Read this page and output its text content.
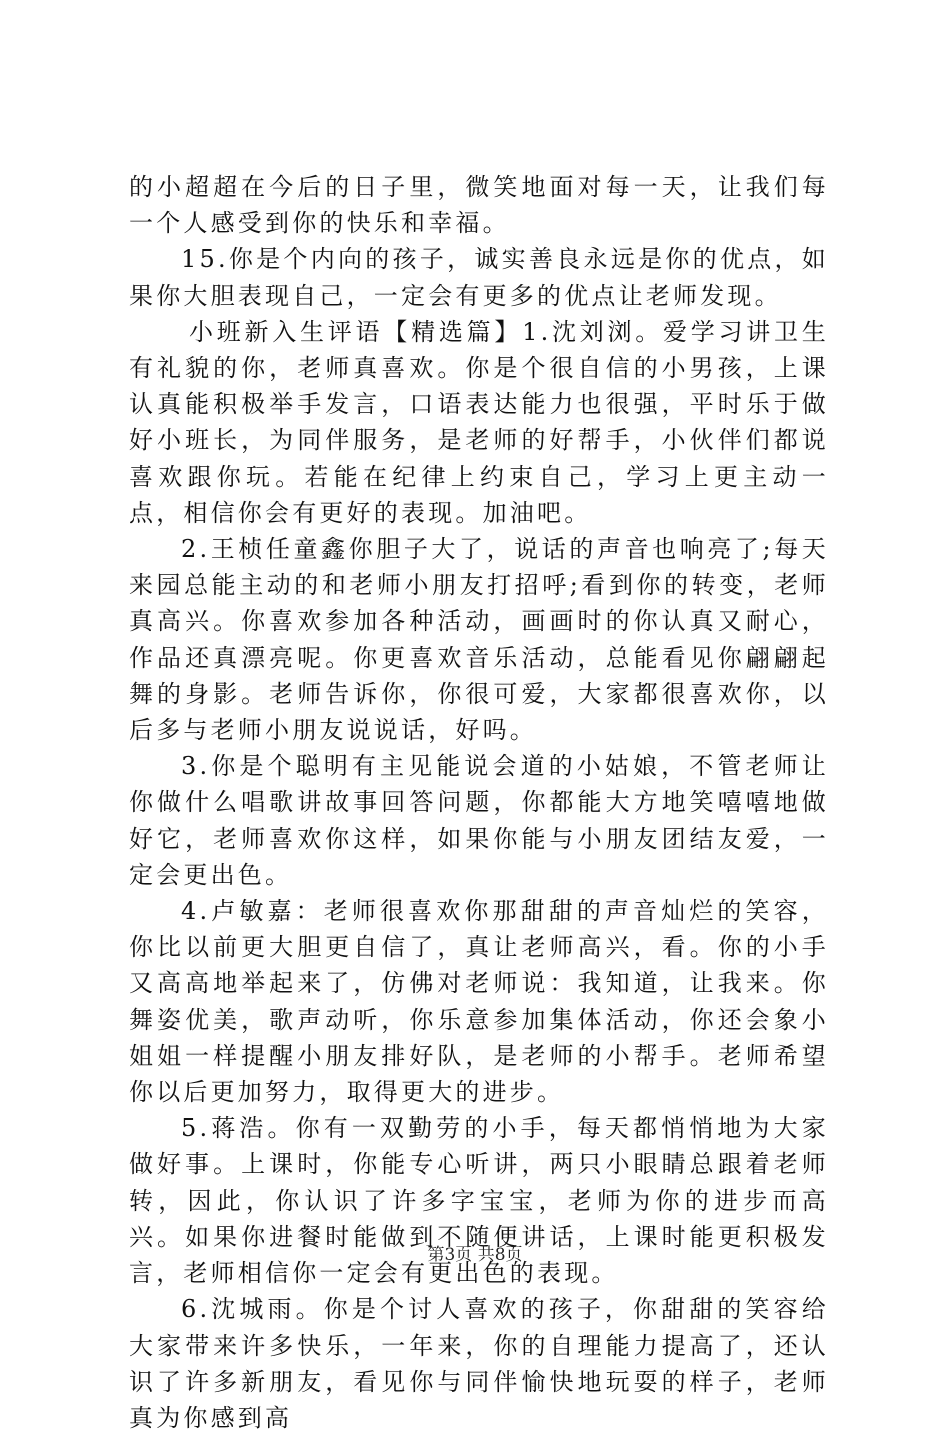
的小超超在今后的日子里，微笑地面对每一天，让我们每一个人感受到你的快乐和幸福。

15.你是个内向的孩子，诚实善良永远是你的优点，如果你大胆表现自己，一定会有更多的优点让老师发现。

小班新入生评语【精选篇】1.沈刘浏。爱学习讲卫生有礼貌的你，老师真喜欢。你是个很自信的小男孩，上课认真能积极举手发言，口语表达能力也很强，平时乐于做好小班长，为同伴服务，是老师的好帮手，小伙伴们都说喜欢跟你玩。若能在纪律上约束自己，学习上更主动一点，相信你会有更好的表现。加油吧。

2.王桢任童鑫你胆子大了，说话的声音也响亮了;每天来园总能主动的和老师小朋友打招呼;看到你的转变，老师真高兴。你喜欢参加各种活动，画画时的你认真又耐心，作品还真漂亮呢。你更喜欢音乐活动，总能看见你翩翩起舞的身影。老师告诉你，你很可爱，大家都很喜欢你，以后多与老师小朋友说说话，好吗。

3.你是个聪明有主见能说会道的小姑娘，不管老师让你做什么唱歌讲故事回答问题，你都能大方地笑嘻嘻地做好它，老师喜欢你这样，如果你能与小朋友团结友爱，一定会更出色。

4.卢敏嘉：老师很喜欢你那甜甜的声音灿烂的笑容，你比以前更大胆更自信了，真让老师高兴，看。你的小手又高高地举起来了，仿佛对老师说：我知道，让我来。你舞姿优美，歌声动听，你乐意参加集体活动，你还会象小姐姐一样提醒小朋友排好队，是老师的小帮手。老师希望你以后更加努力，取得更大的进步。

5.蒋浩。你有一双勤劳的小手，每天都悄悄地为大家做好事。上课时，你能专心听讲，两只小眼睛总跟着老师转，因此，你认识了许多字宝宝，老师为你的进步而高兴。如果你进餐时能做到不随便讲话，上课时能更积极发言，老师相信你一定会有更出色的表现。

6.沈城雨。你是个讨人喜欢的孩子，你甜甜的笑容给大家带来许多快乐，一年来，你的自理能力提高了，还认识了许多新朋友，看见你与同伴愉快地玩耍的样子，老师真为你感到高

第3页 共8页
